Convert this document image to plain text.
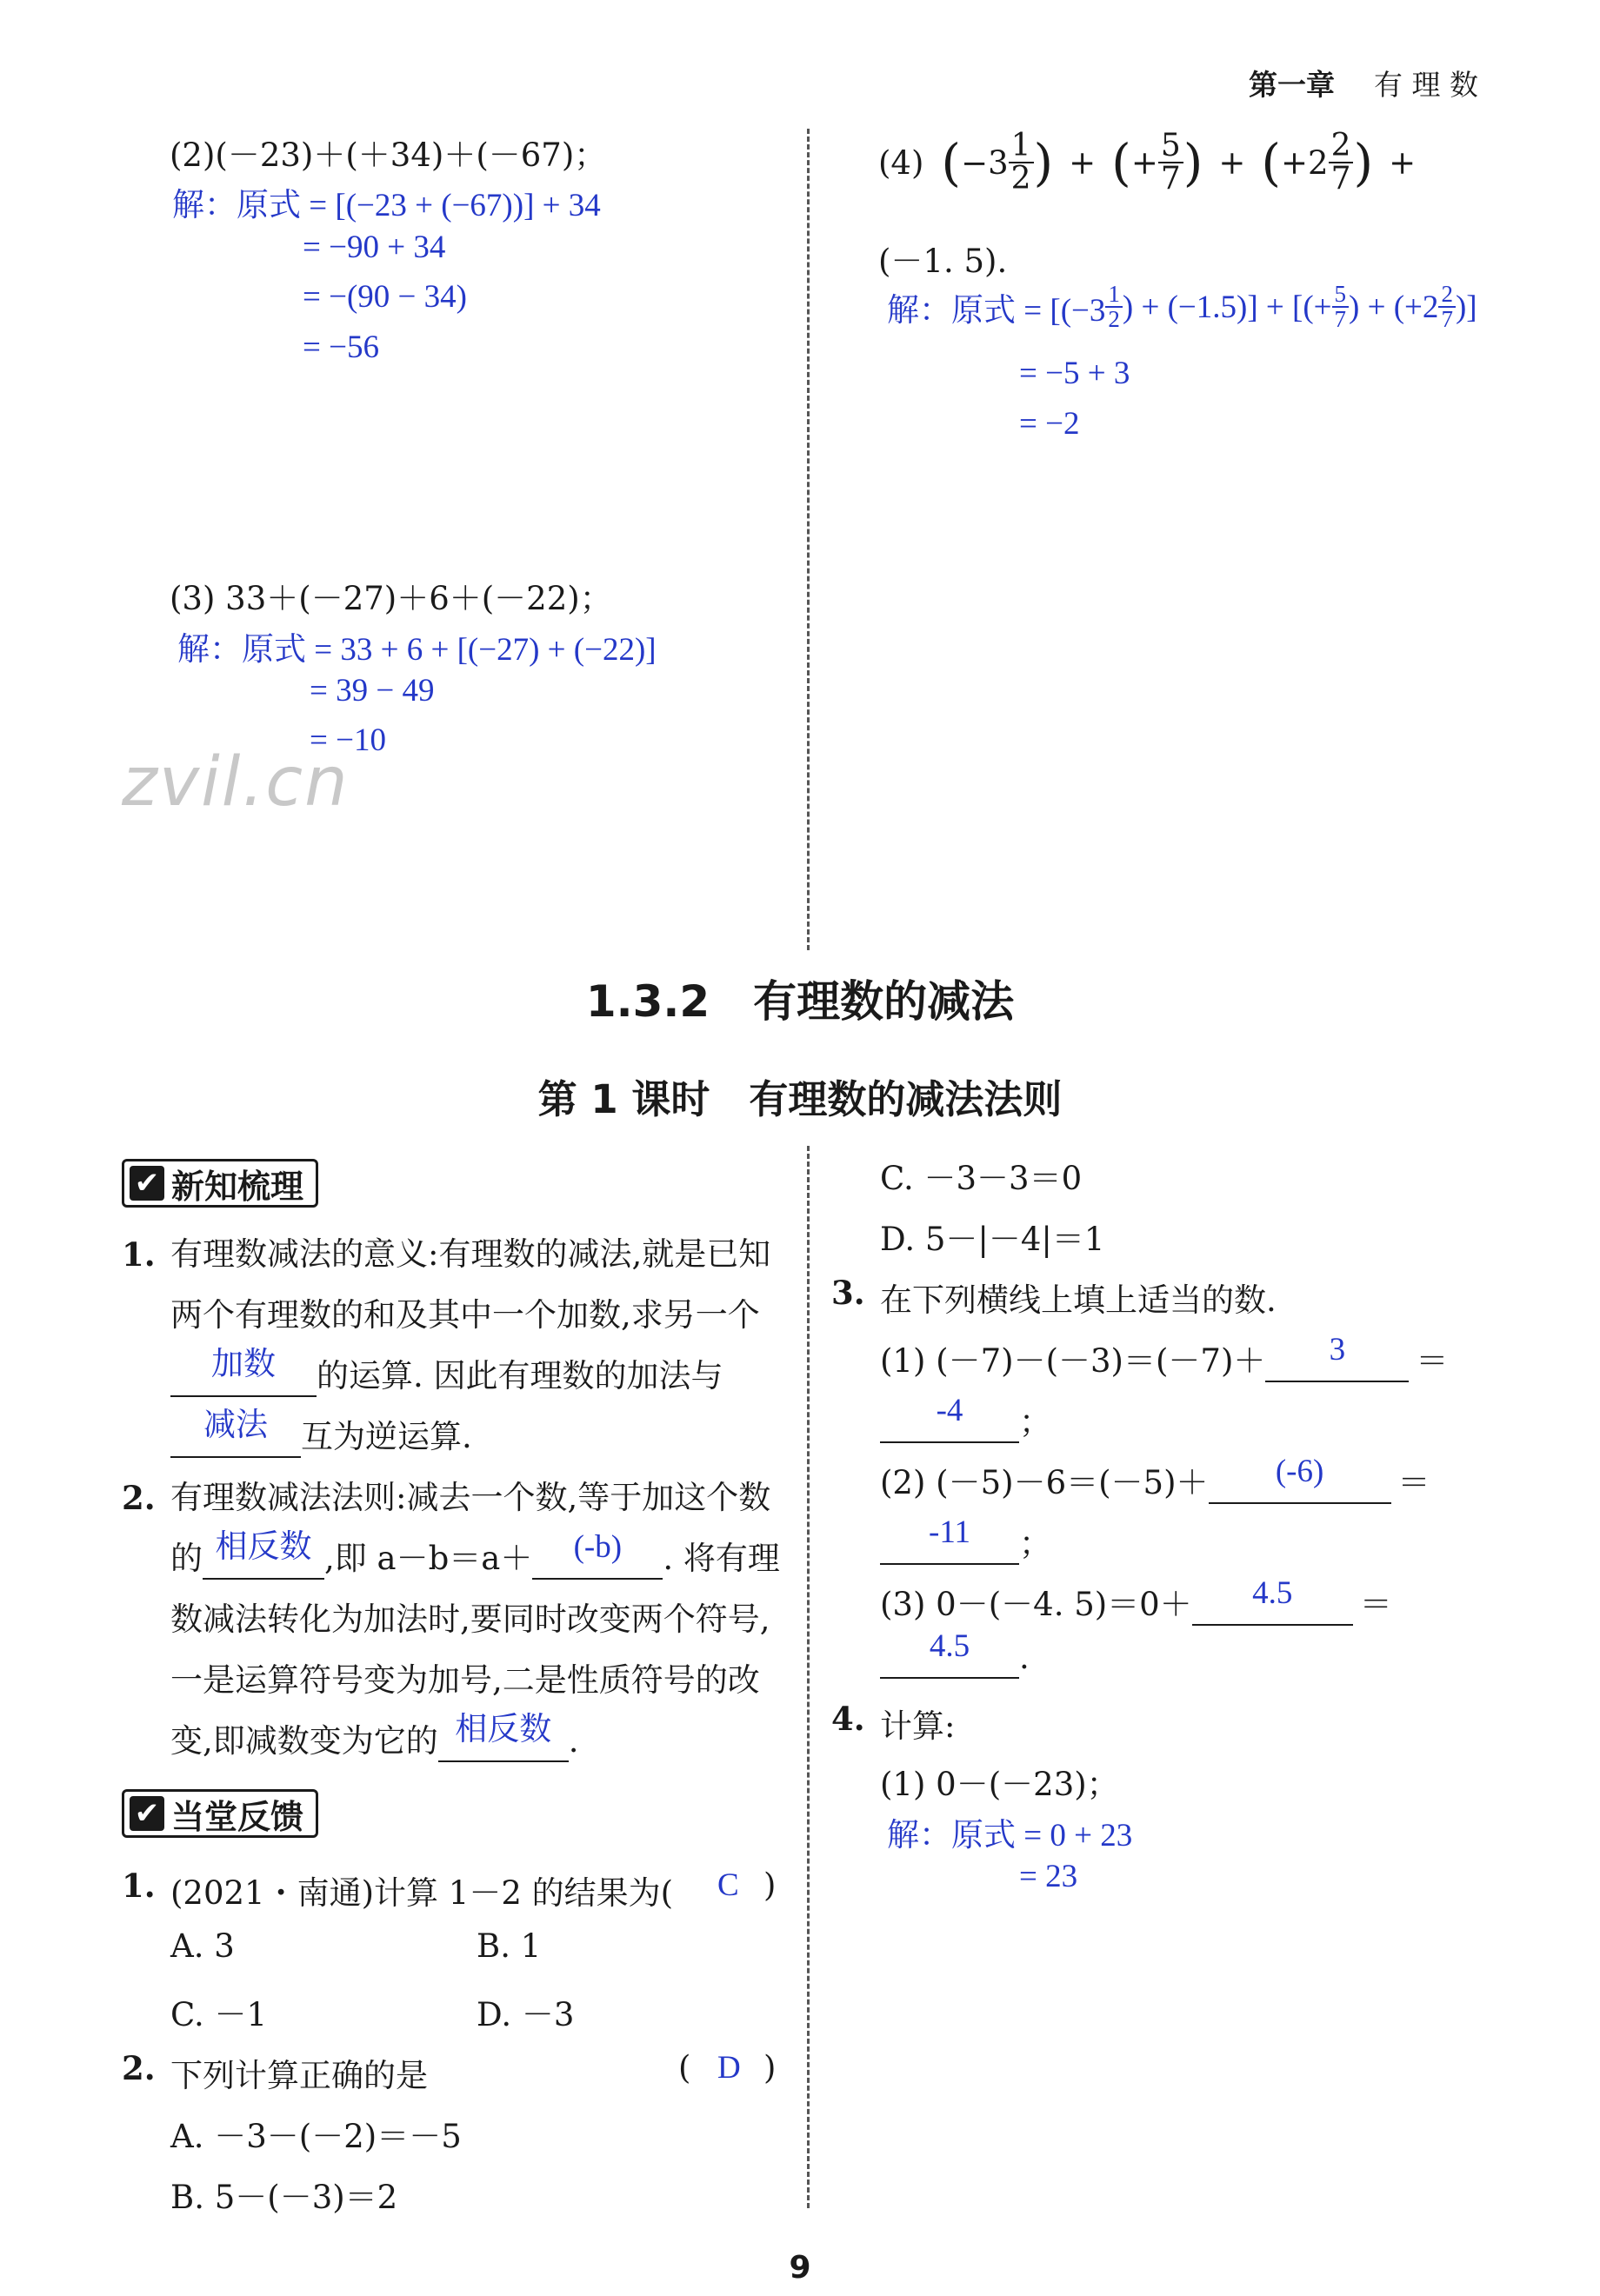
第一章 有 理 数
(2)(－23)＋(＋34)＋(－67)；
解：原式 = [(−23 + (−67))] + 34
= −90 + 34
= −(90 − 34)
= −56
(3) 33＋(－27)＋6＋(－22)；
解：原式 = 33 + 6 + [(−27) + (−22)]
= 39 − 49
= −10
zvil.cn
(4) ( $-3 \frac{1}{2}$ ) + ( + $\frac{5}{7}$ ) + ( $+2 \frac{2}{7}$ ) +
(－1. 5).
解：原式 = [($-3 \frac{1}{2}$ ) + (−1.5)] + [(+ $\frac{5}{7}$ ) + ($+2 \frac{2}{7}$ )]
= −5 + 3
= −2
1.3.2　有理数的减法
第 1 课时　有理数的减法法则
✔ 新知梳理
1. 有理数减法的意义:有理数的减法,就是已知两个有理数的和及其中一个加数,求另一个加数 的运算. 因此有理数的加法与减法 互为逆运算.
2. 有理数减法法则:减去一个数,等于加这个数的 相反数 ,即 a－b＝a＋ (-b) . 将有理数减法转化为加法时,要同时改变两个符号,一是运算符号变为加号,二是性质符号的改变,即减数变为它的 相反数 .
✔ 当堂反馈
1. (2021・南通)计算 1－2 的结果为( C )
A. 3	B. 1
C. －1	D. －3
2. 下列计算正确的是	( D )
A. －3－(－2)＝－5
B. 5－(－3)＝2
C. －3－3＝0
D. 5－|－4|＝1
3. 在下列横线上填上适当的数.
(1) (－7)－(－3)＝(－7)＋ 3 ＝
-4 ；
(2) (－5)－6＝(－5)＋ (-6) ＝
-11 ；
(3) 0－(－4. 5)＝0＋ 4.5 ＝
4.5 .
4. 计算:
(1) 0－(－23)；
解：原式 = 0 + 23
= 23
9
